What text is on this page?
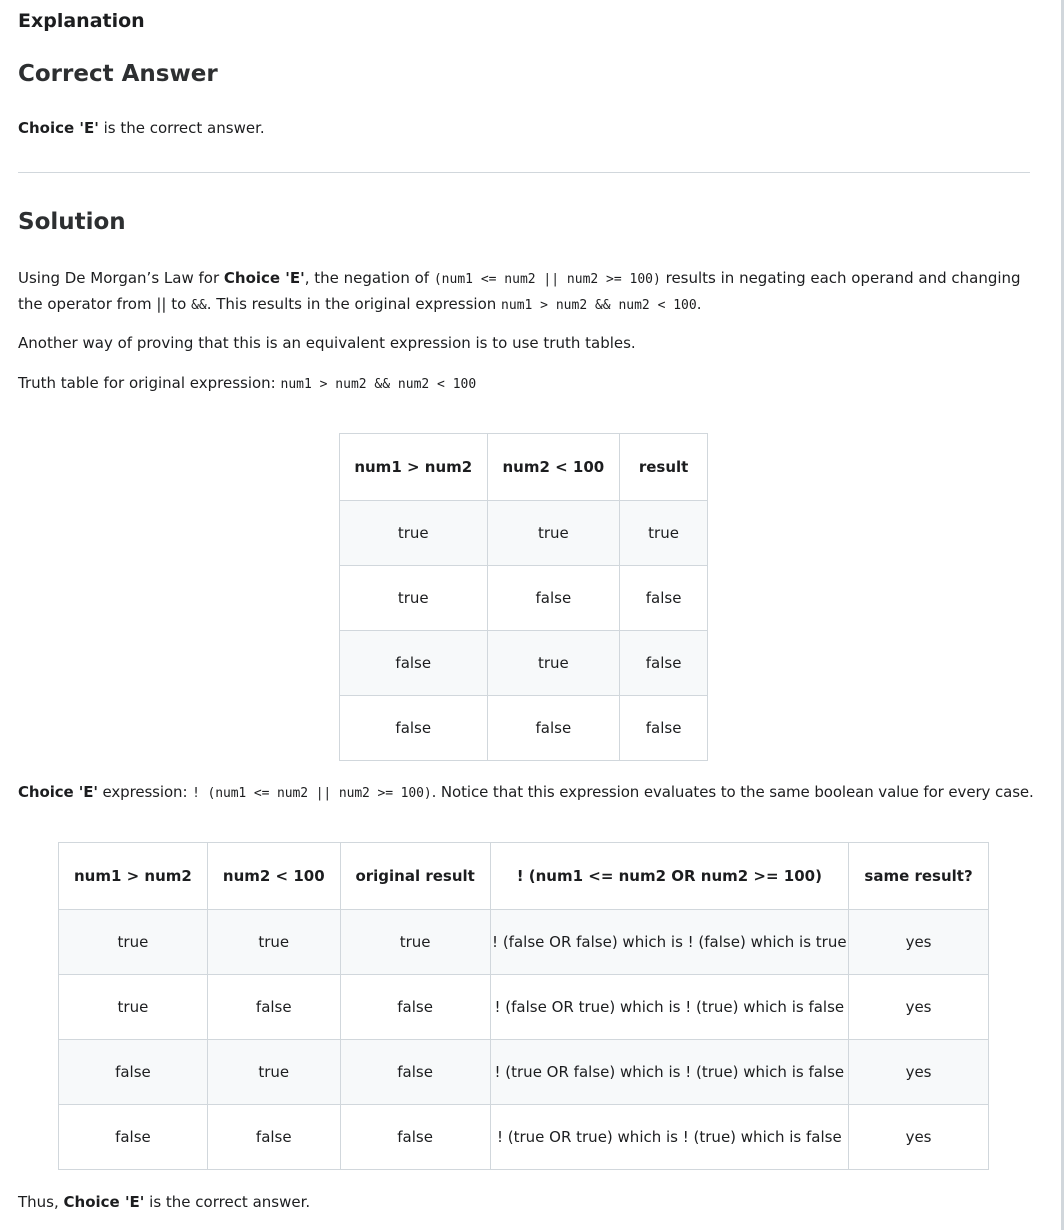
Explanation
Correct Answer

Choice 'E' is the correct answer.

Solution

Using De Morgan’s Law for Choice 'E', the negation of (num1 <= num2 || num2 >= 100) results in negating each operand and changing the operator from || to &&. This results in the original expression num1 > num2 && num2 < 100.

Another way of proving that this is an equivalent expression is to use truth tables.

Truth table for original expression: num1 > num2 && num2 < 100

num1 > num2	num2 < 100	result
true	true	true
true	false	false
false	true	false
false	false	false

Choice 'E' expression: ! (num1 <= num2 || num2 >= 100). Notice that this expression evaluates to the same boolean value for every case.

num1 > num2	num2 < 100	original result	! (num1 <= num2 OR num2 >= 100)	same result?
true	true	true	! (false OR false) which is ! (false) which is true	yes
true	false	false	! (false OR true) which is ! (true) which is false	yes
false	true	false	! (true OR false) which is ! (true) which is false	yes
false	false	false	! (true OR true) which is ! (true) which is false	yes

Thus, Choice 'E' is the correct answer.
